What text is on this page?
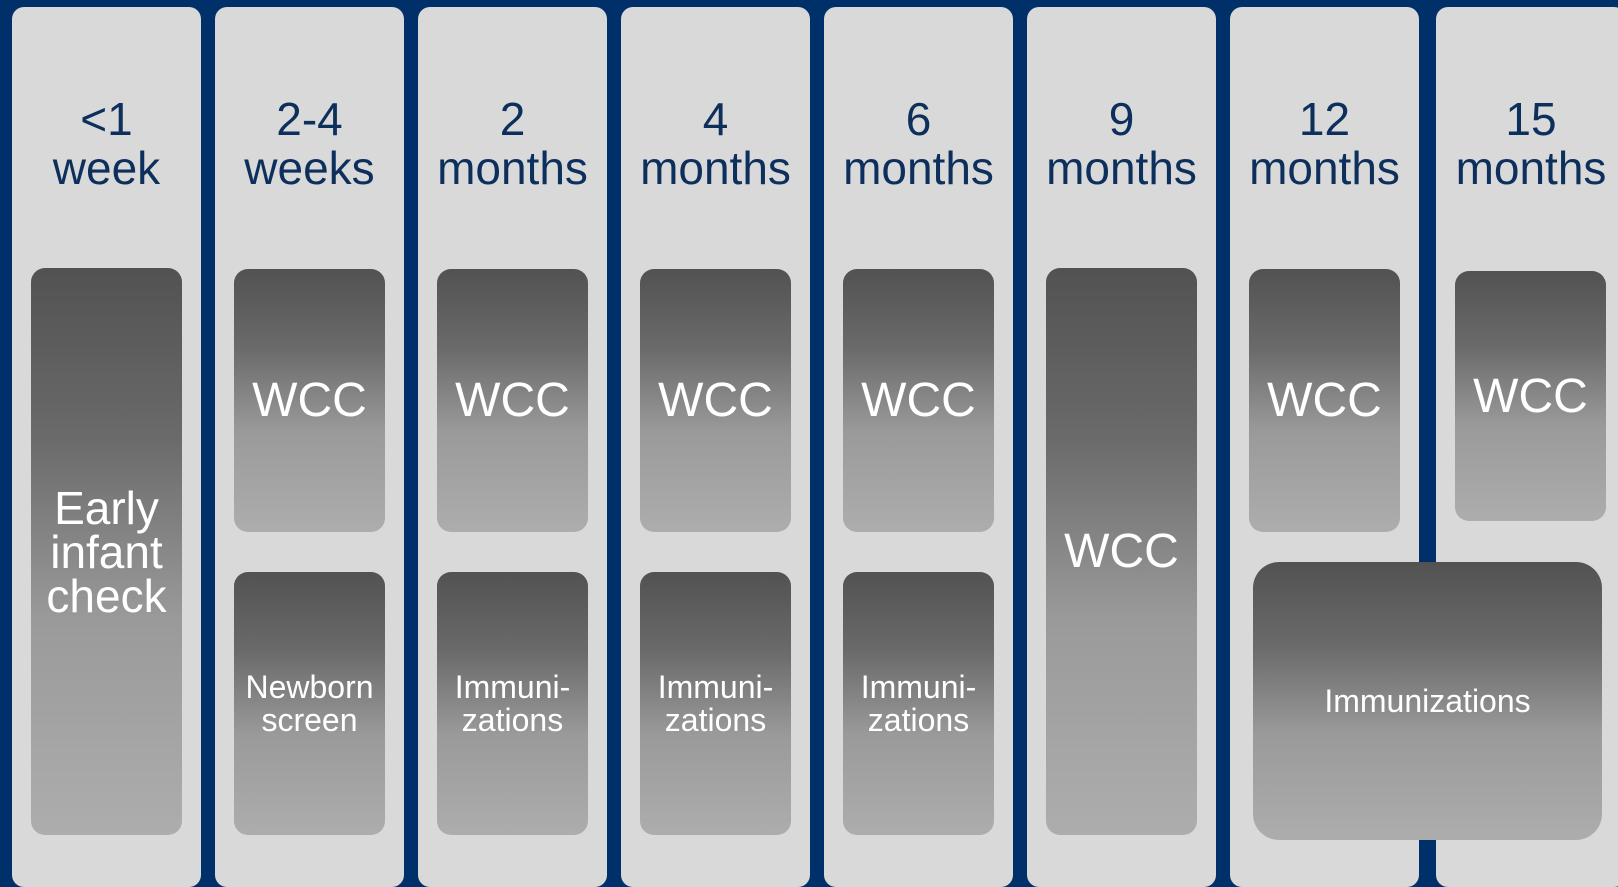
<1
week
2-4
weeks
2
months
4
months
6
months
9
months
12
months
15
months
Early
infant
check
WCC
Newborn
screen
WCC
Immuni-
zations
WCC
Immuni-
zations
WCC
Immuni-
zations
WCC
WCC WCC
Immunizations
